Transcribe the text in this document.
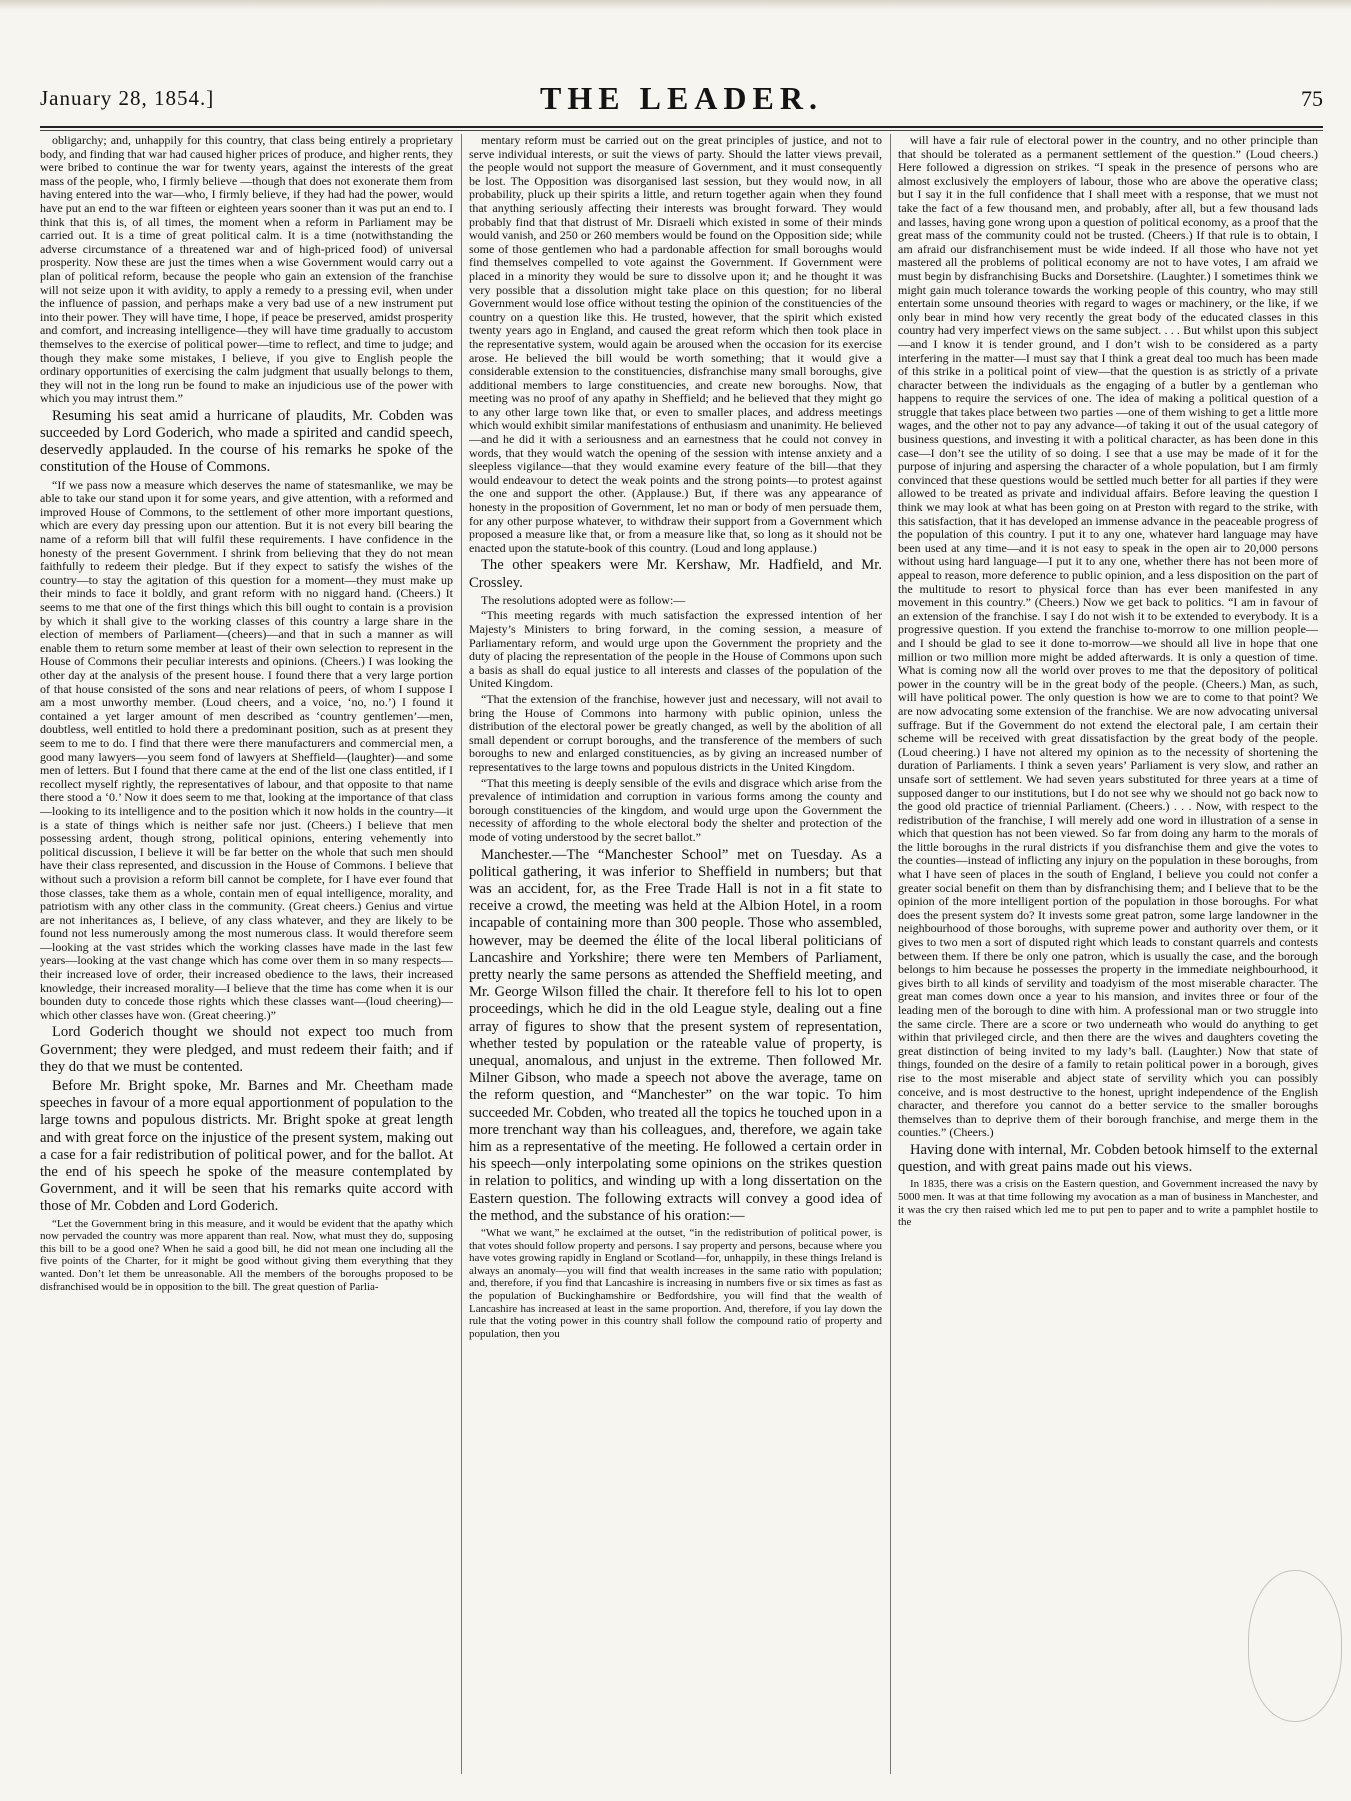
January 28, 1854.]	THE LEADER.	75

obligarchy; and, unhappily for this country, that class being entirely a proprietary body, and finding that war had caused higher prices of produce, and higher rents, they were bribed to continue the war for twenty years, against the interests of the great mass of the people, who, I firmly believe —though that does not exonerate them from having entered into the war—who, I firmly believe, if they had had the power, would have put an end to the war fifteen or eighteen years sooner than it was put an end to. I think that this is, of all times, the moment when a reform in Parliament may be carried out. It is a time of great political calm. It is a time (notwithstanding the adverse circumstance of a threatened war and of high-priced food) of universal prosperity. Now these are just the times when a wise Government would carry out a plan of political reform, because the people who gain an extension of the franchise will not seize upon it with avidity, to apply a remedy to a pressing evil, when under the influence of passion, and perhaps make a very bad use of a new instrument put into their power. They will have time, I hope, if peace be preserved, amidst prosperity and comfort, and increasing intelligence—they will have time gradually to accustom themselves to the exercise of political power—time to reflect, and time to judge; and though they make some mistakes, I believe, if you give to English people the ordinary opportunities of exercising the calm judgment that usually belongs to them, they will not in the long run be found to make an injudicious use of the power with which you may intrust them.”

Resuming his seat amid a hurricane of plaudits, Mr. Cobden was succeeded by Lord Goderich, who made a spirited and candid speech, deservedly applauded. In the course of his remarks he spoke of the constitution of the House of Commons.

“If we pass now a measure which deserves the name of statesmanlike, we may be able to take our stand upon it for some years, and give attention, with a reformed and improved House of Commons, to the settlement of other more important questions, which are every day pressing upon our attention. But it is not every bill bearing the name of a reform bill that will fulfil these requirements. I have confidence in the honesty of the present Government. I shrink from believing that they do not mean faithfully to redeem their pledge. But if they expect to satisfy the wishes of the country—to stay the agitation of this question for a moment—they must make up their minds to face it boldly, and grant reform with no niggard hand. (Cheers.) It seems to me that one of the first things which this bill ought to contain is a provision by which it shall give to the working classes of this country a large share in the election of members of Parliament—(cheers)—and that in such a manner as will enable them to return some member at least of their own selection to represent in the House of Commons their peculiar interests and opinions. (Cheers.) I was looking the other day at the analysis of the present house. I found there that a very large portion of that house consisted of the sons and near relations of peers, of whom I suppose I am a most unworthy member. (Loud cheers, and a voice, ‘no, no.’) I found it contained a yet larger amount of men described as ‘country gentlemen’—men, doubtless, well entitled to hold there a predominant position, such as at present they seem to me to do. I find that there were there manufacturers and commercial men, a good many lawyers—you seem fond of lawyers at Sheffield—(laughter)—and some men of letters. But I found that there came at the end of the list one class entitled, if I recollect myself rightly, the representatives of labour, and that opposite to that name there stood a ‘0.’ Now it does seem to me that, looking at the importance of that class—looking to its intelligence and to the position which it now holds in the country—it is a state of things which is neither safe nor just. (Cheers.) I believe that men possessing ardent, though strong, political opinions, entering vehemently into political discussion, I believe it will be far better on the whole that such men should have their class represented, and discussion in the House of Commons. I believe that without such a provision a reform bill cannot be complete, for I have ever found that those classes, take them as a whole, contain men of equal intelligence, morality, and patriotism with any other class in the community. (Great cheers.) Genius and virtue are not inheritances as, I believe, of any class whatever, and they are likely to be found not less numerously among the most numerous class. It would therefore seem—looking at the vast strides which the working classes have made in the last few years—looking at the vast change which has come over them in so many respects—their increased love of order, their increased obedience to the laws, their increased knowledge, their increased morality—I believe that the time has come when it is our bounden duty to concede those rights which these classes want—(loud cheering)—which other classes have won. (Great cheering.)”

Lord Goderich thought we should not expect too much from Government; they were pledged, and must redeem their faith; and if they do that we must be contented.

Before Mr. Bright spoke, Mr. Barnes and Mr. Cheetham made speeches in favour of a more equal apportionment of population to the large towns and populous districts. Mr. Bright spoke at great length and with great force on the injustice of the present system, making out a case for a fair redistribution of political power, and for the ballot. At the end of his speech he spoke of the measure contemplated by Government, and it will be seen that his remarks quite accord with those of Mr. Cobden and Lord Goderich.

“Let the Government bring in this measure, and it would be evident that the apathy which now pervaded the country was more apparent than real. Now, what must they do, supposing this bill to be a good one? When he said a good bill, he did not mean one including all the five points of the Charter, for it might be good without giving them everything that they wanted. Don’t let them be unreasonable. All the members of the boroughs proposed to be disfranchised would be in opposition to the bill. The great question of Parlia-

mentary reform must be carried out on the great principles of justice, and not to serve individual interests, or suit the views of party. Should the latter views prevail, the people would not support the measure of Government, and it must consequently be lost. The Opposition was disorganised last session, but they would now, in all probability, pluck up their spirits a little, and return together again when they found that anything seriously affecting their interests was brought forward. They would probably find that that distrust of Mr. Disraeli which existed in some of their minds would vanish, and 250 or 260 members would be found on the Opposition side; while some of those gentlemen who had a pardonable affection for small boroughs would find themselves compelled to vote against the Government. If Government were placed in a minority they would be sure to dissolve upon it; and he thought it was very possible that a dissolution might take place on this question; for no liberal Government would lose office without testing the opinion of the constituencies of the country on a question like this. He trusted, however, that the spirit which existed twenty years ago in England, and caused the great reform which then took place in the representative system, would again be aroused when the occasion for its exercise arose. He believed the bill would be worth something; that it would give a considerable extension to the constituencies, disfranchise many small boroughs, give additional members to large constituencies, and create new boroughs. Now, that meeting was no proof of any apathy in Sheffield; and he believed that they might go to any other large town like that, or even to smaller places, and address meetings which would exhibit similar manifestations of enthusiasm and unanimity. He believed —and he did it with a seriousness and an earnestness that he could not convey in words, that they would watch the opening of the session with intense anxiety and a sleepless vigilance—that they would examine every feature of the bill—that they would endeavour to detect the weak points and the strong points—to protest against the one and support the other. (Applause.) But, if there was any appearance of honesty in the proposition of Government, let no man or body of men persuade them, for any other purpose whatever, to withdraw their support from a Government which proposed a measure like that, or from a measure like that, so long as it should not be enacted upon the statute-book of this country. (Loud and long applause.)

The other speakers were Mr. Kershaw, Mr. Hadfield, and Mr. Crossley.

The resolutions adopted were as follow:—

“This meeting regards with much satisfaction the expressed intention of her Majesty’s Ministers to bring forward, in the coming session, a measure of Parliamentary reform, and would urge upon the Government the propriety and the duty of placing the representation of the people in the House of Commons upon such a basis as shall do equal justice to all interests and classes of the population of the United Kingdom.

“That the extension of the franchise, however just and necessary, will not avail to bring the House of Commons into harmony with public opinion, unless the distribution of the electoral power be greatly changed, as well by the abolition of all small dependent or corrupt boroughs, and the transference of the members of such boroughs to new and enlarged constituencies, as by giving an increased number of representatives to the large towns and populous districts in the United Kingdom.

“That this meeting is deeply sensible of the evils and disgrace which arise from the prevalence of intimidation and corruption in various forms among the county and borough constituencies of the kingdom, and would urge upon the Government the necessity of affording to the whole electoral body the shelter and protection of the mode of voting understood by the secret ballot.”

Manchester.—The “Manchester School” met on Tuesday. As a political gathering, it was inferior to Sheffield in numbers; but that was an accident, for, as the Free Trade Hall is not in a fit state to receive a crowd, the meeting was held at the Albion Hotel, in a room incapable of containing more than 300 people. Those who assembled, however, may be deemed the élite of the local liberal politicians of Lancashire and Yorkshire; there were ten Members of Parliament, pretty nearly the same persons as attended the Sheffield meeting, and Mr. George Wilson filled the chair. It therefore fell to his lot to open proceedings, which he did in the old League style, dealing out a fine array of figures to show that the present system of representation, whether tested by population or the rateable value of property, is unequal, anomalous, and unjust in the extreme. Then followed Mr. Milner Gibson, who made a speech not above the average, tame on the reform question, and “Manchester” on the war topic. To him succeeded Mr. Cobden, who treated all the topics he touched upon in a more trenchant way than his colleagues, and, therefore, we again take him as a representative of the meeting. He followed a certain order in his speech—only interpolating some opinions on the strikes question in relation to politics, and winding up with a long dissertation on the Eastern question. The following extracts will convey a good idea of the method, and the substance of his oration:—

“What we want,” he exclaimed at the outset, “in the redistribution of political power, is that votes should follow property and persons. I say property and persons, because where you have votes growing rapidly in England or Scotland—for, unhappily, in these things Ireland is always an anomaly—you will find that wealth increases in the same ratio with population; and, therefore, if you find that Lancashire is increasing in numbers five or six times as fast as the population of Buckinghamshire or Bedfordshire, you will find that the wealth of Lancashire has increased at least in the same proportion. And, therefore, if you lay down the rule that the voting power in this country shall follow the compound ratio of property and population, then you

will have a fair rule of electoral power in the country, and no other principle than that should be tolerated as a permanent settlement of the question.” (Loud cheers.) Here followed a digression on strikes. “I speak in the presence of persons who are almost exclusively the employers of labour, those who are above the operative class; but I say it in the full confidence that I shall meet with a response, that we must not take the fact of a few thousand men, and probably, after all, but a few thousand lads and lasses, having gone wrong upon a question of political economy, as a proof that the great mass of the community could not be trusted. (Cheers.) If that rule is to obtain, I am afraid our disfranchisement must be wide indeed. If all those who have not yet mastered all the problems of political economy are not to have votes, I am afraid we must begin by disfranchising Bucks and Dorsetshire. (Laughter.) I sometimes think we might gain much tolerance towards the working people of this country, who may still entertain some unsound theories with regard to wages or machinery, or the like, if we only bear in mind how very recently the great body of the educated classes in this country had very imperfect views on the same subject. . . . But whilst upon this subject—and I know it is tender ground, and I don’t wish to be considered as a party interfering in the matter—I must say that I think a great deal too much has been made of this strike in a political point of view—that the question is as strictly of a private character between the individuals as the engaging of a butler by a gentleman who happens to require the services of one. The idea of making a political question of a struggle that takes place between two parties —one of them wishing to get a little more wages, and the other not to pay any advance—of taking it out of the usual category of business questions, and investing it with a political character, as has been done in this case—I don’t see the utility of so doing. I see that a use may be made of it for the purpose of injuring and aspersing the character of a whole population, but I am firmly convinced that these questions would be settled much better for all parties if they were allowed to be treated as private and individual affairs. Before leaving the question I think we may look at what has been going on at Preston with regard to the strike, with this satisfaction, that it has developed an immense advance in the peaceable progress of the population of this country. I put it to any one, whatever hard language may have been used at any time—and it is not easy to speak in the open air to 20,000 persons without using hard language—I put it to any one, whether there has not been more of appeal to reason, more deference to public opinion, and a less disposition on the part of the multitude to resort to physical force than has ever been manifested in any movement in this country.” (Cheers.) Now we get back to politics. “I am in favour of an extension of the franchise. I say I do not wish it to be extended to everybody. It is a progressive question. If you extend the franchise to-morrow to one million people—and I should be glad to see it done to-morrow—we should all live in hope that one million or two million more might be added afterwards. It is only a question of time. What is coming now all the world over proves to me that the depository of political power in the country will be in the great body of the people. (Cheers.) Man, as such, will have political power. The only question is how we are to come to that point? We are now advocating some extension of the franchise. We are now advocating universal suffrage. But if the Government do not extend the electoral pale, I am certain their scheme will be received with great dissatisfaction by the great body of the people. (Loud cheering.) I have not altered my opinion as to the necessity of shortening the duration of Parliaments. I think a seven years’ Parliament is very slow, and rather an unsafe sort of settlement. We had seven years substituted for three years at a time of supposed danger to our institutions, but I do not see why we should not go back now to the good old practice of triennial Parliament. (Cheers.) . . . Now, with respect to the redistribution of the franchise, I will merely add one word in illustration of a sense in which that question has not been viewed. So far from doing any harm to the morals of the little boroughs in the rural districts if you disfranchise them and give the votes to the counties—instead of inflicting any injury on the population in these boroughs, from what I have seen of places in the south of England, I believe you could not confer a greater social benefit on them than by disfranchising them; and I believe that to be the opinion of the more intelligent portion of the population in those boroughs. For what does the present system do? It invests some great patron, some large landowner in the neighbourhood of those boroughs, with supreme power and authority over them, or it gives to two men a sort of disputed right which leads to constant quarrels and contests between them. If there be only one patron, which is usually the case, and the borough belongs to him because he possesses the property in the immediate neighbourhood, it gives birth to all kinds of servility and toadyism of the most miserable character. The great man comes down once a year to his mansion, and invites three or four of the leading men of the borough to dine with him. A professional man or two struggle into the same circle. There are a score or two underneath who would do anything to get within that privileged circle, and then there are the wives and daughters coveting the great distinction of being invited to my lady’s ball. (Laughter.) Now that state of things, founded on the desire of a family to retain political power in a borough, gives rise to the most miserable and abject state of servility which you can possibly conceive, and is most destructive to the honest, upright independence of the English character, and therefore you cannot do a better service to the smaller boroughs themselves than to deprive them of their borough franchise, and merge them in the counties.” (Cheers.)

Having done with internal, Mr. Cobden betook himself to the external question, and with great pains made out his views.

In 1835, there was a crisis on the Eastern question, and Government increased the navy by 5000 men. It was at that time following my avocation as a man of business in Manchester, and it was the cry then raised which led me to put pen to paper and to write a pamphlet hostile to the
